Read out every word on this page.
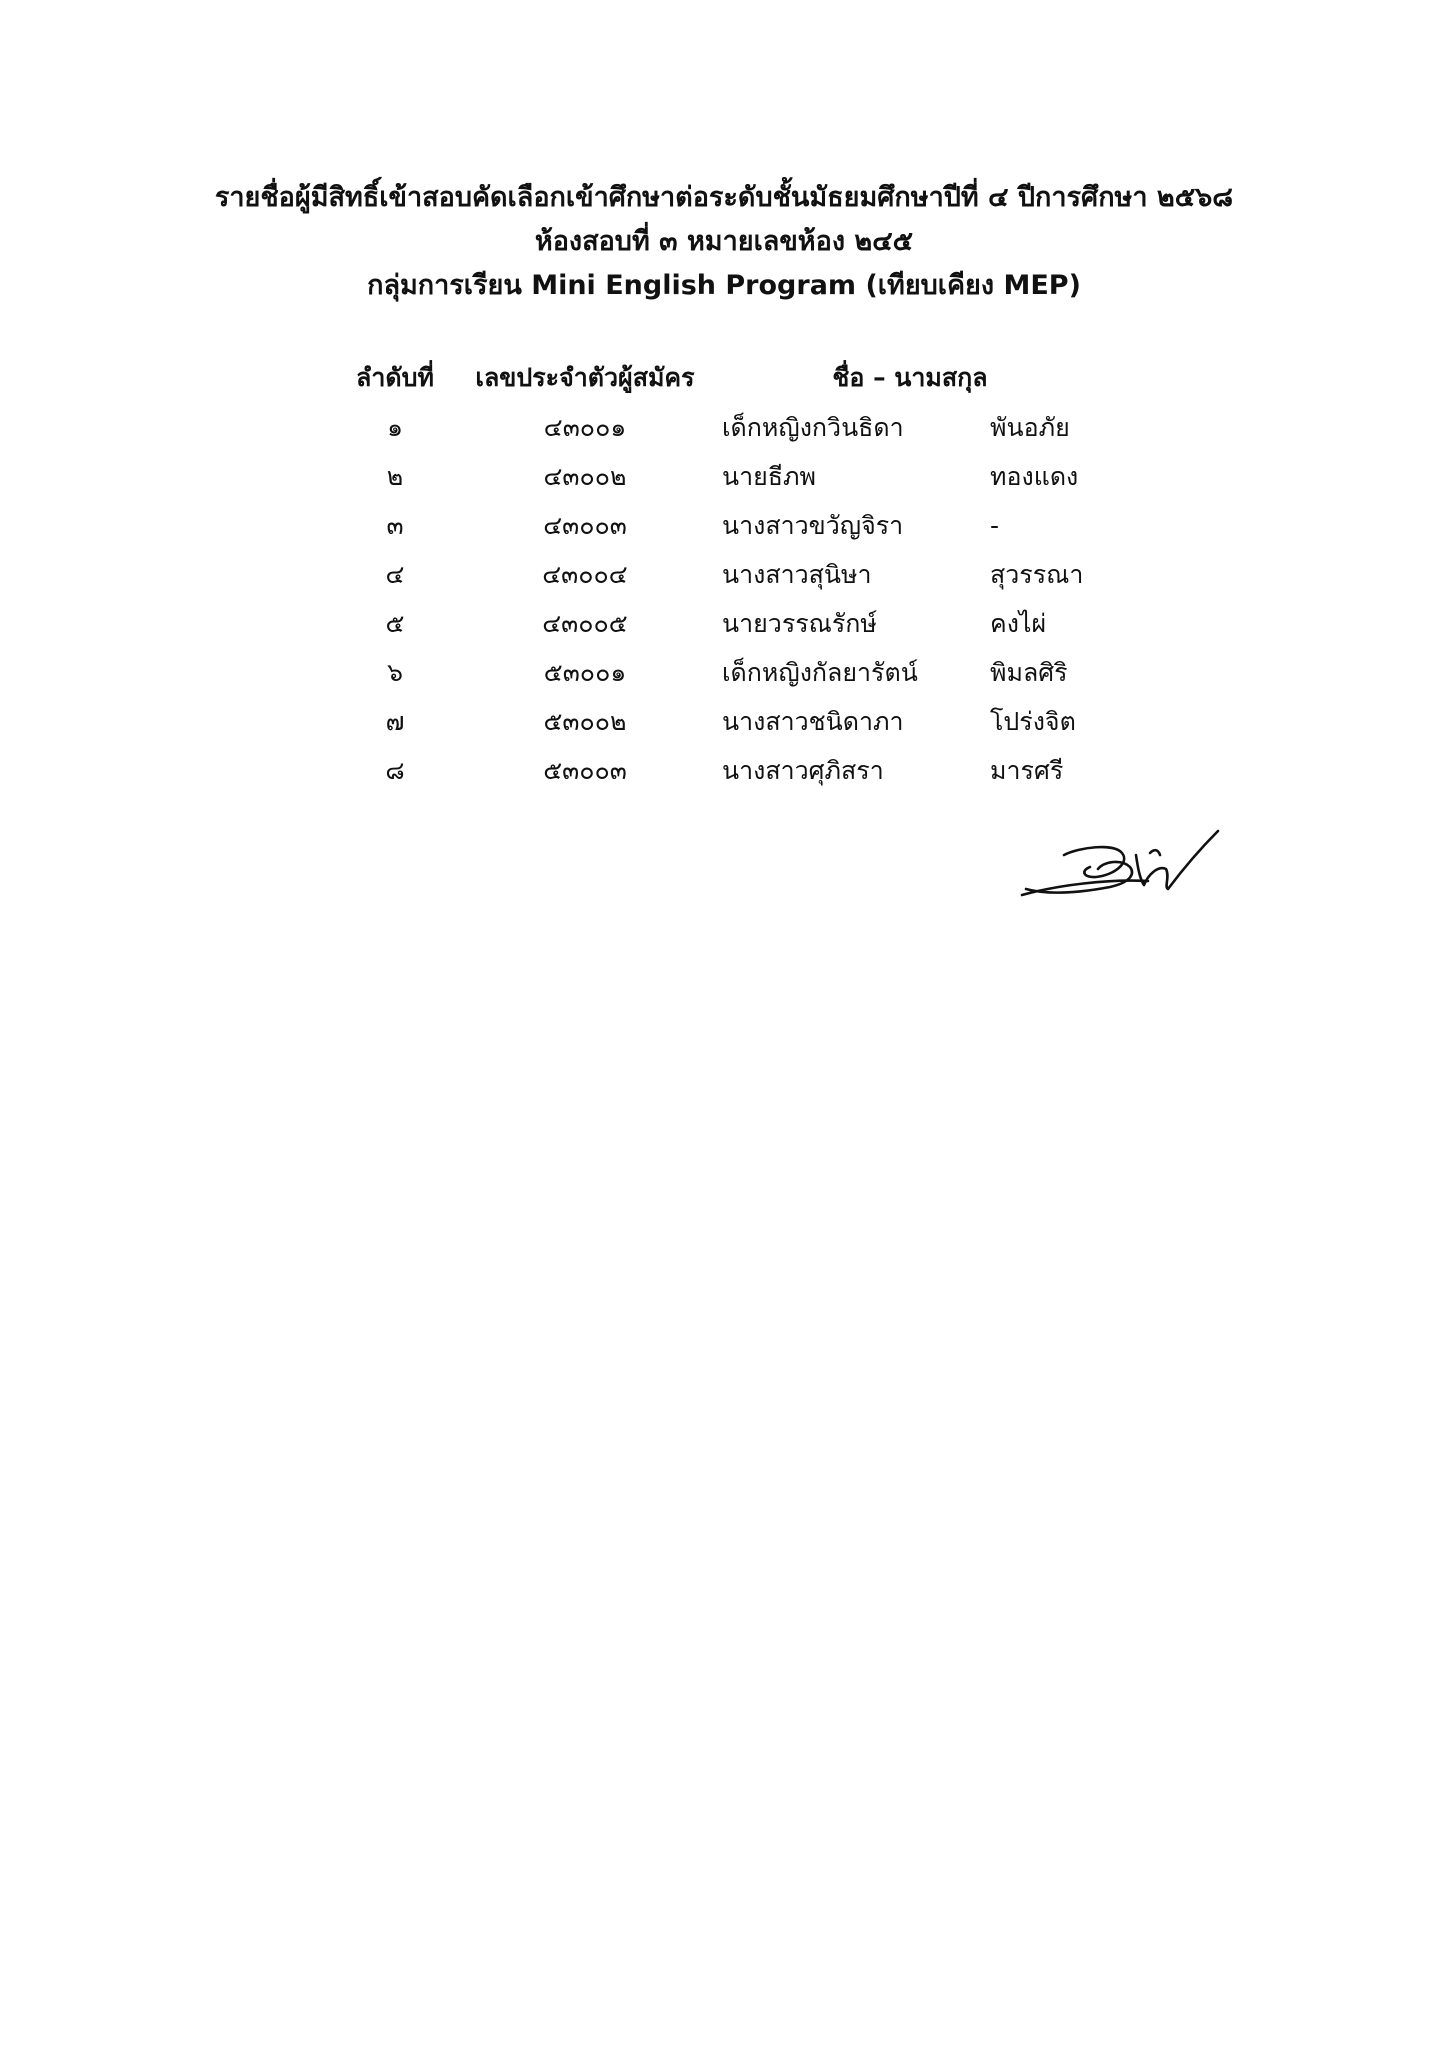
รายชื่อผู้มีสิทธิ์เข้าสอบคัดเลือกเข้าศึกษาต่อระดับชั้นมัธยมศึกษาปีที่ ๔ ปีการศึกษา ๒๕๖๘
ห้องสอบที่ ๓ หมายเลขห้อง ๒๔๕
กลุ่มการเรียน Mini English Program (เทียบเคียง MEP)
ลำดับที่	เลขประจำตัวผู้สมัคร	ชื่อ – นามสกุล
๑	๔๓๐๐๑	เด็กหญิงกวินธิดา	พันอภัย
๒	๔๓๐๐๒	นายธีภพ	ทองแดง
๓	๔๓๐๐๓	นางสาวขวัญจิรา	-
๔	๔๓๐๐๔	นางสาวสุนิษา	สุวรรณา
๕	๔๓๐๐๕	นายวรรณรักษ์	คงไผ่
๖	๕๓๐๐๑	เด็กหญิงกัลยารัตน์	พิมลศิริ
๗	๕๓๐๐๒	นางสาวชนิดาภา	โปร่งจิต
๘	๕๓๐๐๓	นางสาวศุภิสรา	มารศรี
